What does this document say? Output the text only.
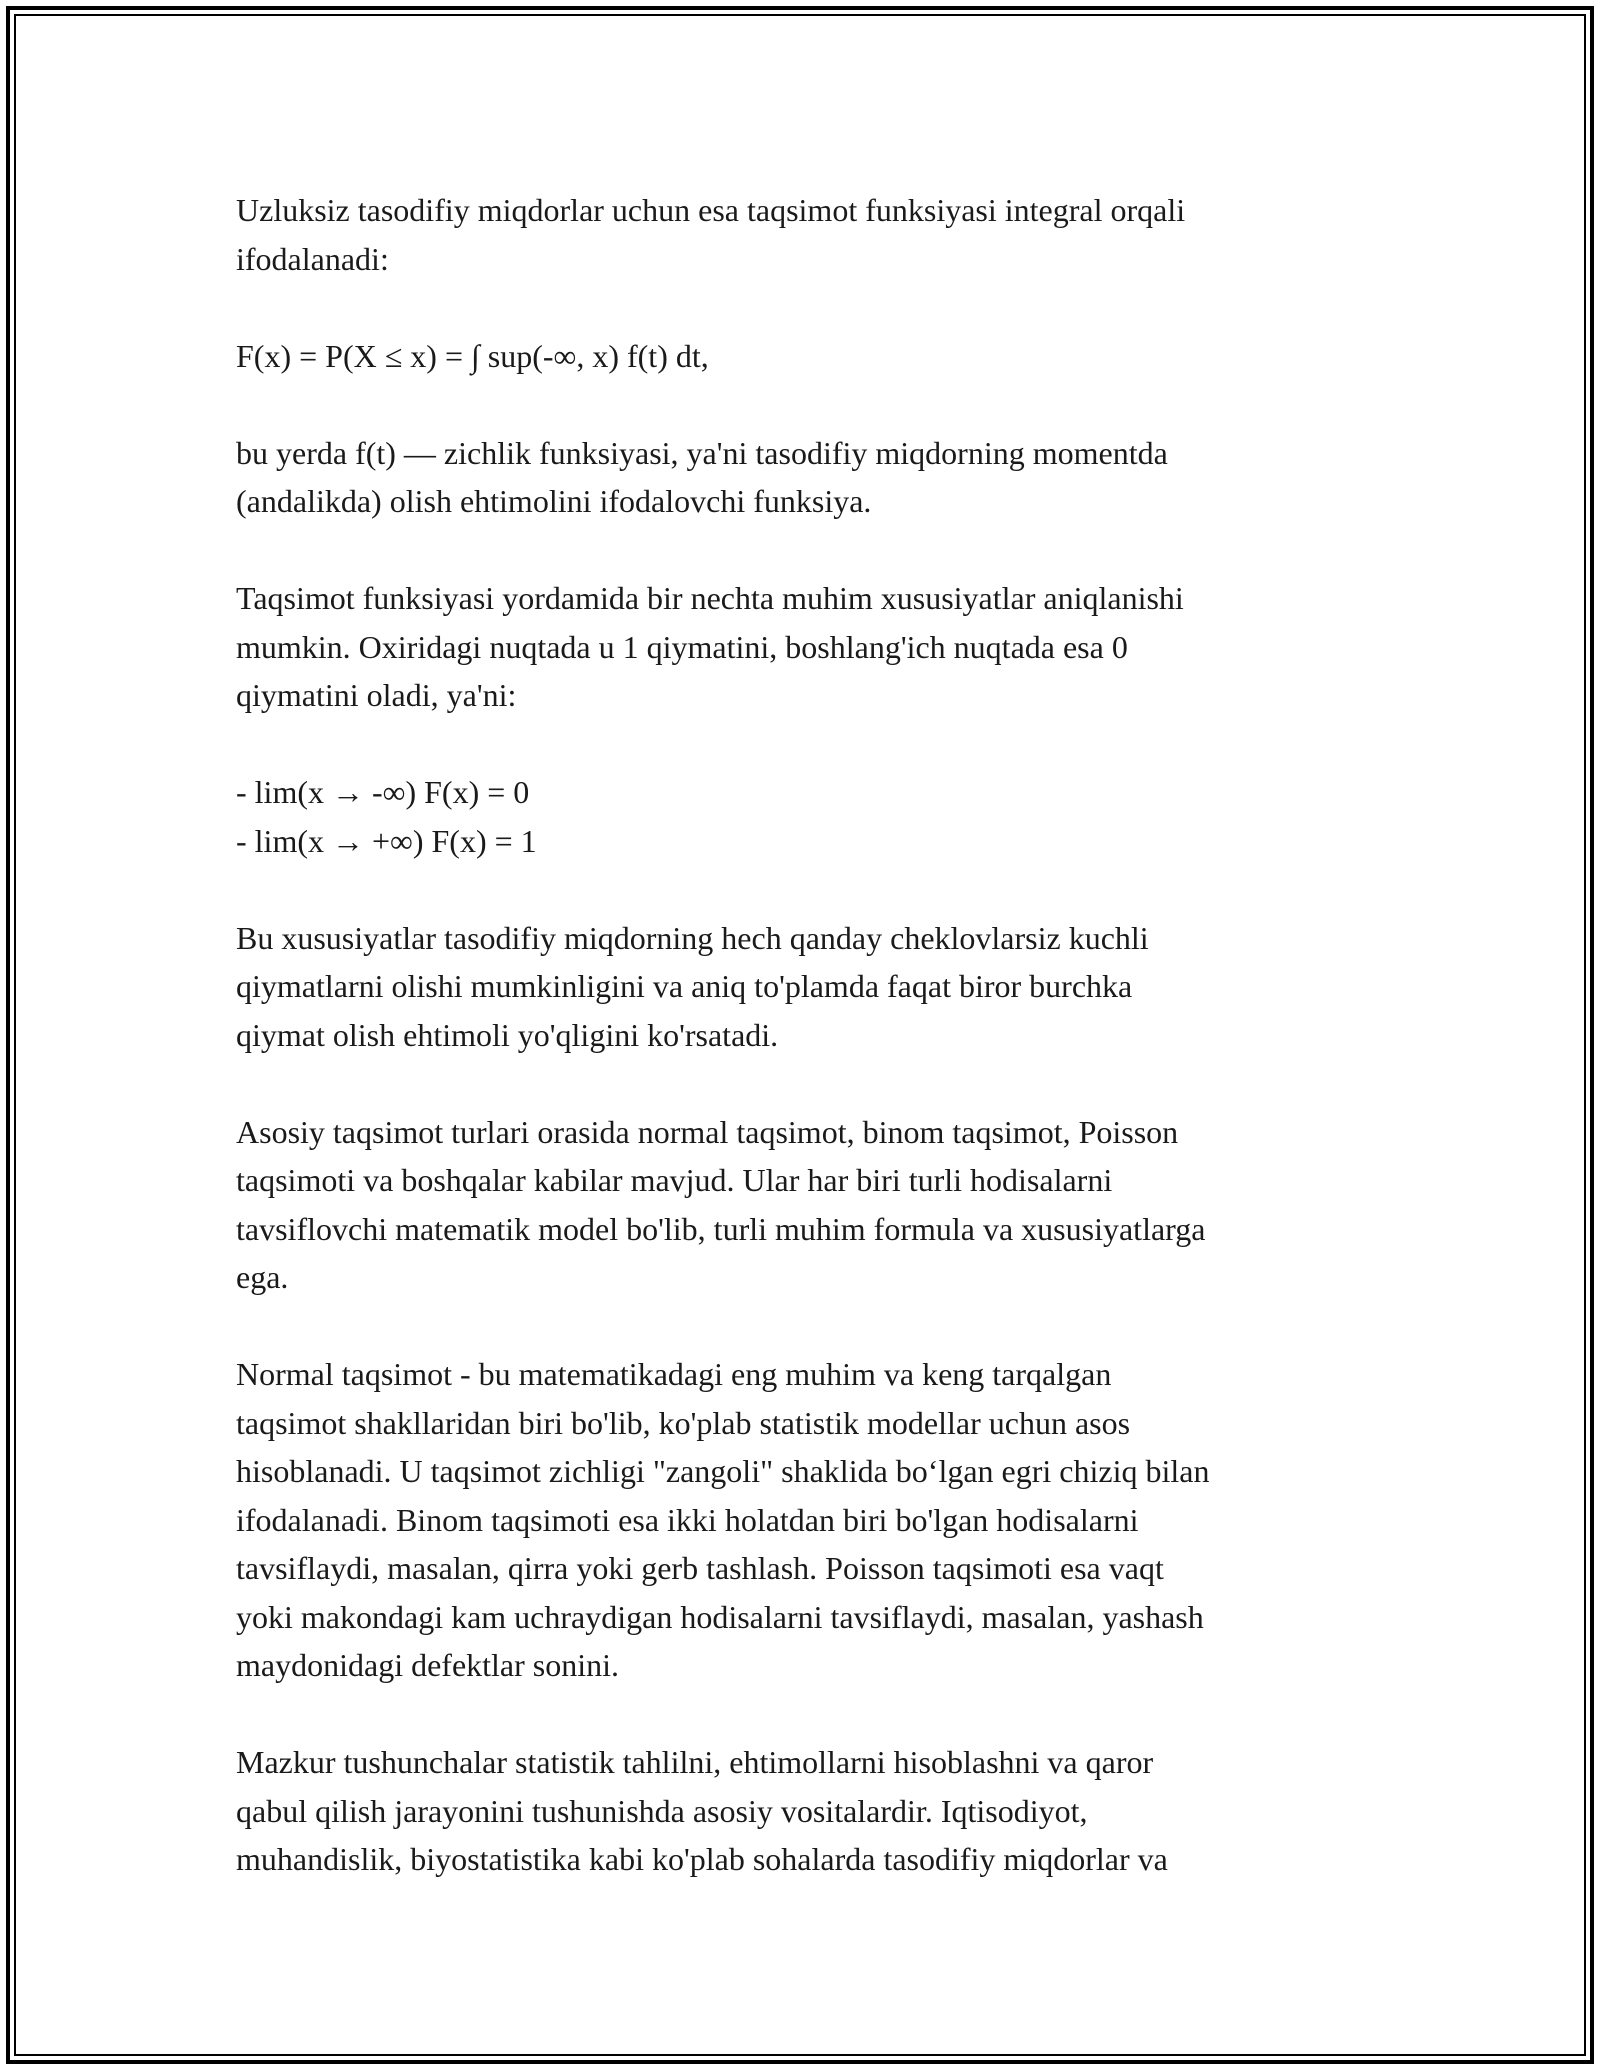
Uzluksiz tasodifiy miqdorlar uchun esa taqsimot funksiyasi integral orqali
ifodalanadi:

F(x) = P(X ≤ x) = ∫ sup(-∞, x) f(t) dt,

bu yerda f(t) — zichlik funksiyasi, ya'ni tasodifiy miqdorning momentda
(andalikda) olish ehtimolini ifodalovchi funksiya.

Taqsimot funksiyasi yordamida bir nechta muhim xususiyatlar aniqlanishi
mumkin. Oxiridagi nuqtada u 1 qiymatini, boshlang'ich nuqtada esa 0
qiymatini oladi, ya'ni:

- lim(x → -∞) F(x) = 0
- lim(x → +∞) F(x) = 1

Bu xususiyatlar tasodifiy miqdorning hech qanday cheklovlarsiz kuchli
qiymatlarni olishi mumkinligini va aniq to'plamda faqat biror burchka
qiymat olish ehtimoli yo'qligini ko'rsatadi.

Asosiy taqsimot turlari orasida normal taqsimot, binom taqsimot, Poisson
taqsimoti va boshqalar kabilar mavjud. Ular har biri turli hodisalarni
tavsiflovchi matematik model bo'lib, turli muhim formula va xususiyatlarga
ega.

Normal taqsimot - bu matematikadagi eng muhim va keng tarqalgan
taqsimot shakllaridan biri bo'lib, ko'plab statistik modellar uchun asos
hisoblanadi. U taqsimot zichligi "zangoli" shaklida bo‘lgan egri chiziq bilan
ifodalanadi. Binom taqsimoti esa ikki holatdan biri bo'lgan hodisalarni
tavsiflaydi, masalan, qirra yoki gerb tashlash. Poisson taqsimoti esa vaqt
yoki makondagi kam uchraydigan hodisalarni tavsiflaydi, masalan, yashash
maydonidagi defektlar sonini.

Mazkur tushunchalar statistik tahlilni, ehtimollarni hisoblashni va qaror
qabul qilish jarayonini tushunishda asosiy vositalardir. Iqtisodiyot,
muhandislik, biyostatistika kabi ko'plab sohalarda tasodifiy miqdorlar va
